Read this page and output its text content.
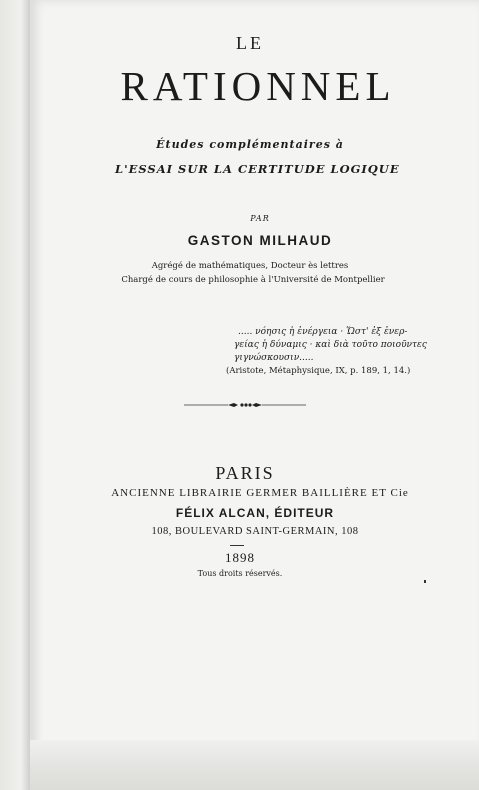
LE
RATIONNEL
Études complémentaires à
L'ESSAI SUR LA CERTITUDE LOGIQUE
PAR
GASTON MILHAUD
Agrégé de mathématiques, Docteur ès lettres
Chargé de cours de philosophie à l'Université de Montpellier
..... νόησις ἡ ἐνέργεια · Ὥστ' ἐξ ἐνερ-
γείας ἡ δύναμις · καὶ διὰ τοῦτο ποιοῦντες
γιγνώσκουσιν.....
(Aristote, Métaphysique, IX, p. 189, 1, 14.)
PARIS
ANCIENNE LIBRAIRIE GERMER BAILLIÈRE ET Cie
FÉLIX ALCAN, ÉDITEUR
108, BOULEVARD SAINT-GERMAIN, 108
1898
Tous droits réservés.
